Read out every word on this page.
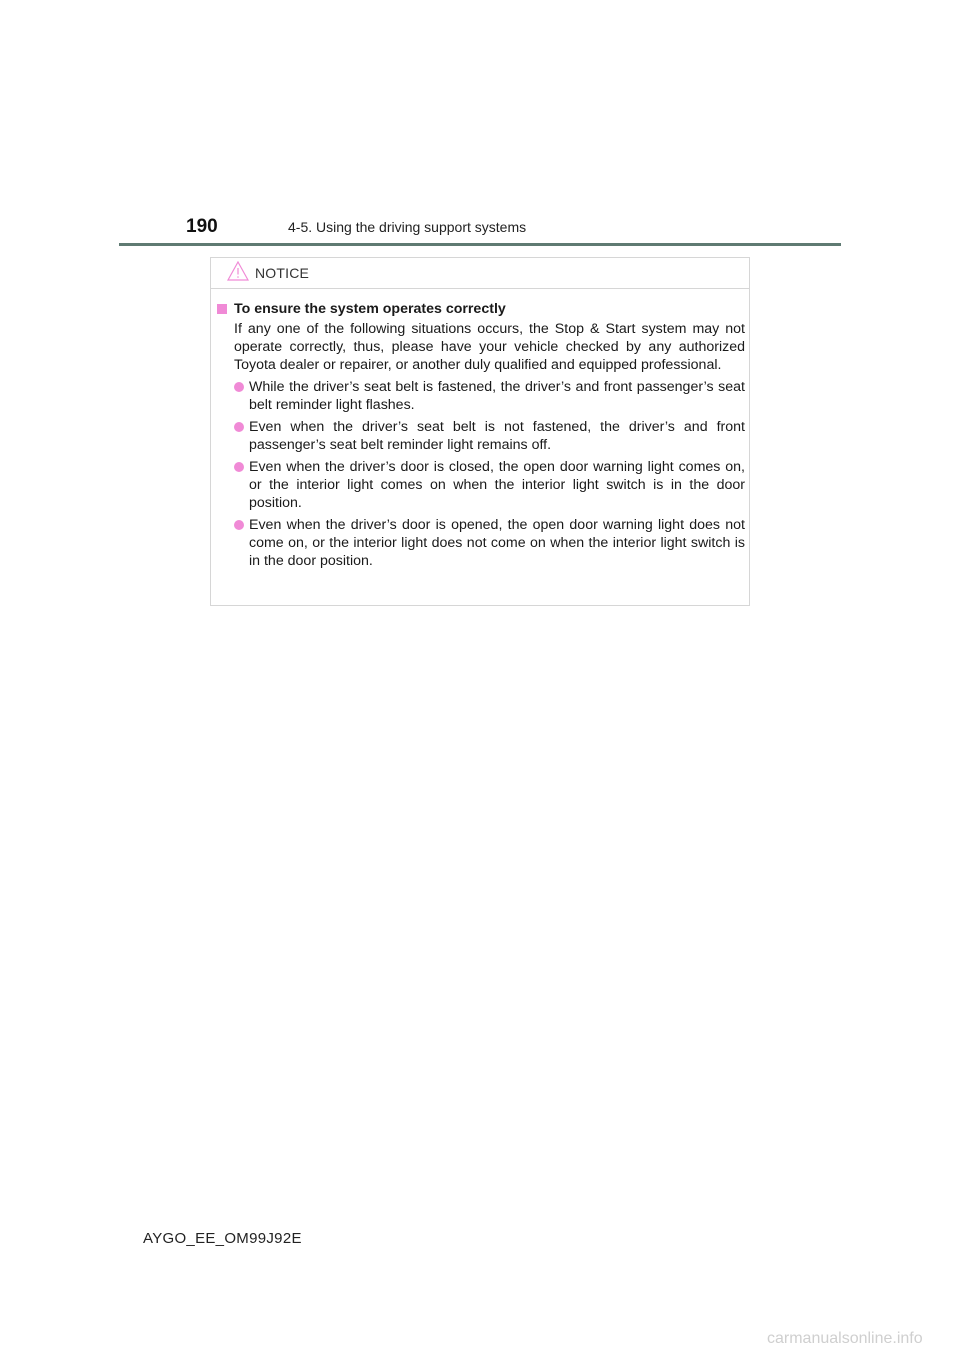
190	4-5. Using the driving support systems
NOTICE
To ensure the system operates correctly
If any one of the following situations occurs, the Stop & Start system may not operate correctly, thus, please have your vehicle checked by any authorized Toyota dealer or repairer, or another duly qualified and equipped professional.
While the driver’s seat belt is fastened, the driver’s and front passenger’s seat belt reminder light flashes.
Even when the driver’s seat belt is not fastened, the driver’s and front passenger’s seat belt reminder light remains off.
Even when the driver’s door is closed, the open door warning light comes on, or the interior light comes on when the interior light switch is in the door position.
Even when the driver’s door is opened, the open door warning light does not come on, or the interior light does not come on when the interior light switch is in the door position.
AYGO_EE_OM99J92E
carmanualsonline.info
